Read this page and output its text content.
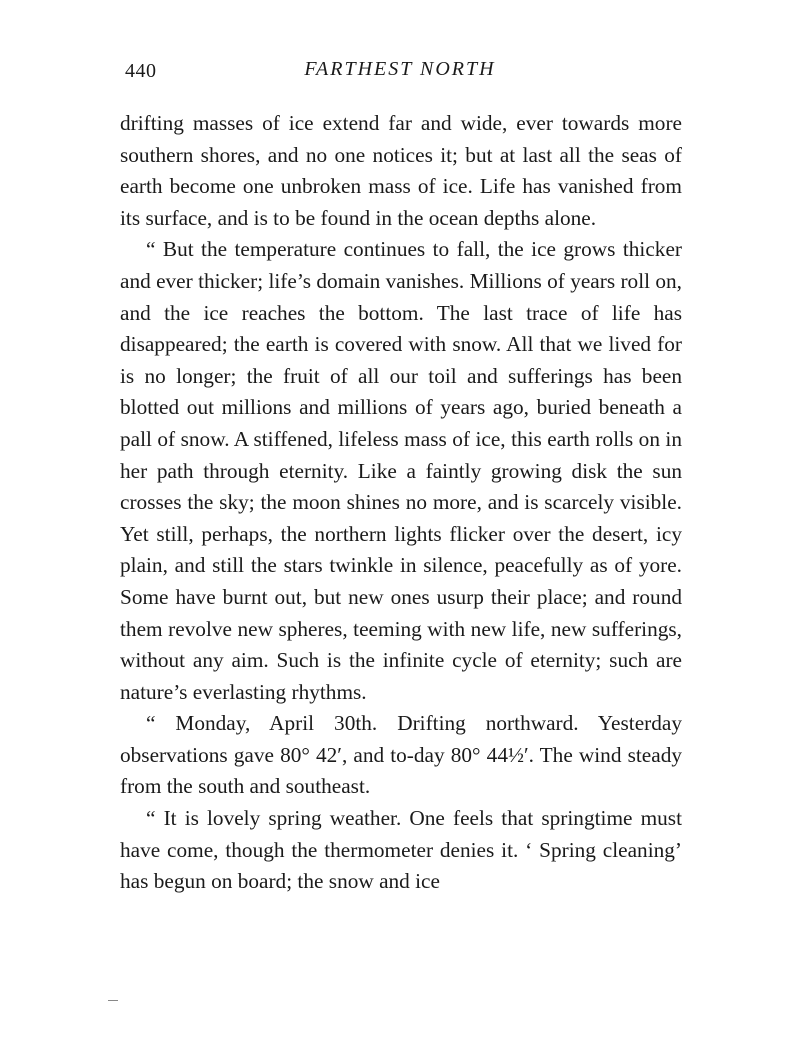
440	FARTHEST NORTH

drifting masses of ice extend far and wide, ever towards more southern shores, and no one notices it; but at last all the seas of earth become one unbroken mass of ice. Life has vanished from its surface, and is to be found in the ocean depths alone.

“ But the temperature continues to fall, the ice grows thicker and ever thicker; life’s domain vanishes. Millions of years roll on, and the ice reaches the bottom. The last trace of life has disappeared; the earth is covered with snow. All that we lived for is no longer; the fruit of all our toil and sufferings has been blotted out millions and millions of years ago, buried beneath a pall of snow. A stiffened, lifeless mass of ice, this earth rolls on in her path through eternity. Like a faintly growing disk the sun crosses the sky; the moon shines no more, and is scarcely visible. Yet still, perhaps, the northern lights flicker over the desert, icy plain, and still the stars twinkle in silence, peacefully as of yore. Some have burnt out, but new ones usurp their place; and round them revolve new spheres, teeming with new life, new sufferings, without any aim. Such is the infinite cycle of eternity; such are nature’s everlasting rhythms.

“ Monday, April 30th. Drifting northward. Yesterday observations gave 80° 42′, and to-day 80° 44½′. The wind steady from the south and southeast.

“ It is lovely spring weather. One feels that springtime must have come, though the thermometer denies it. ‘ Spring cleaning’ has begun on board; the snow and ice
